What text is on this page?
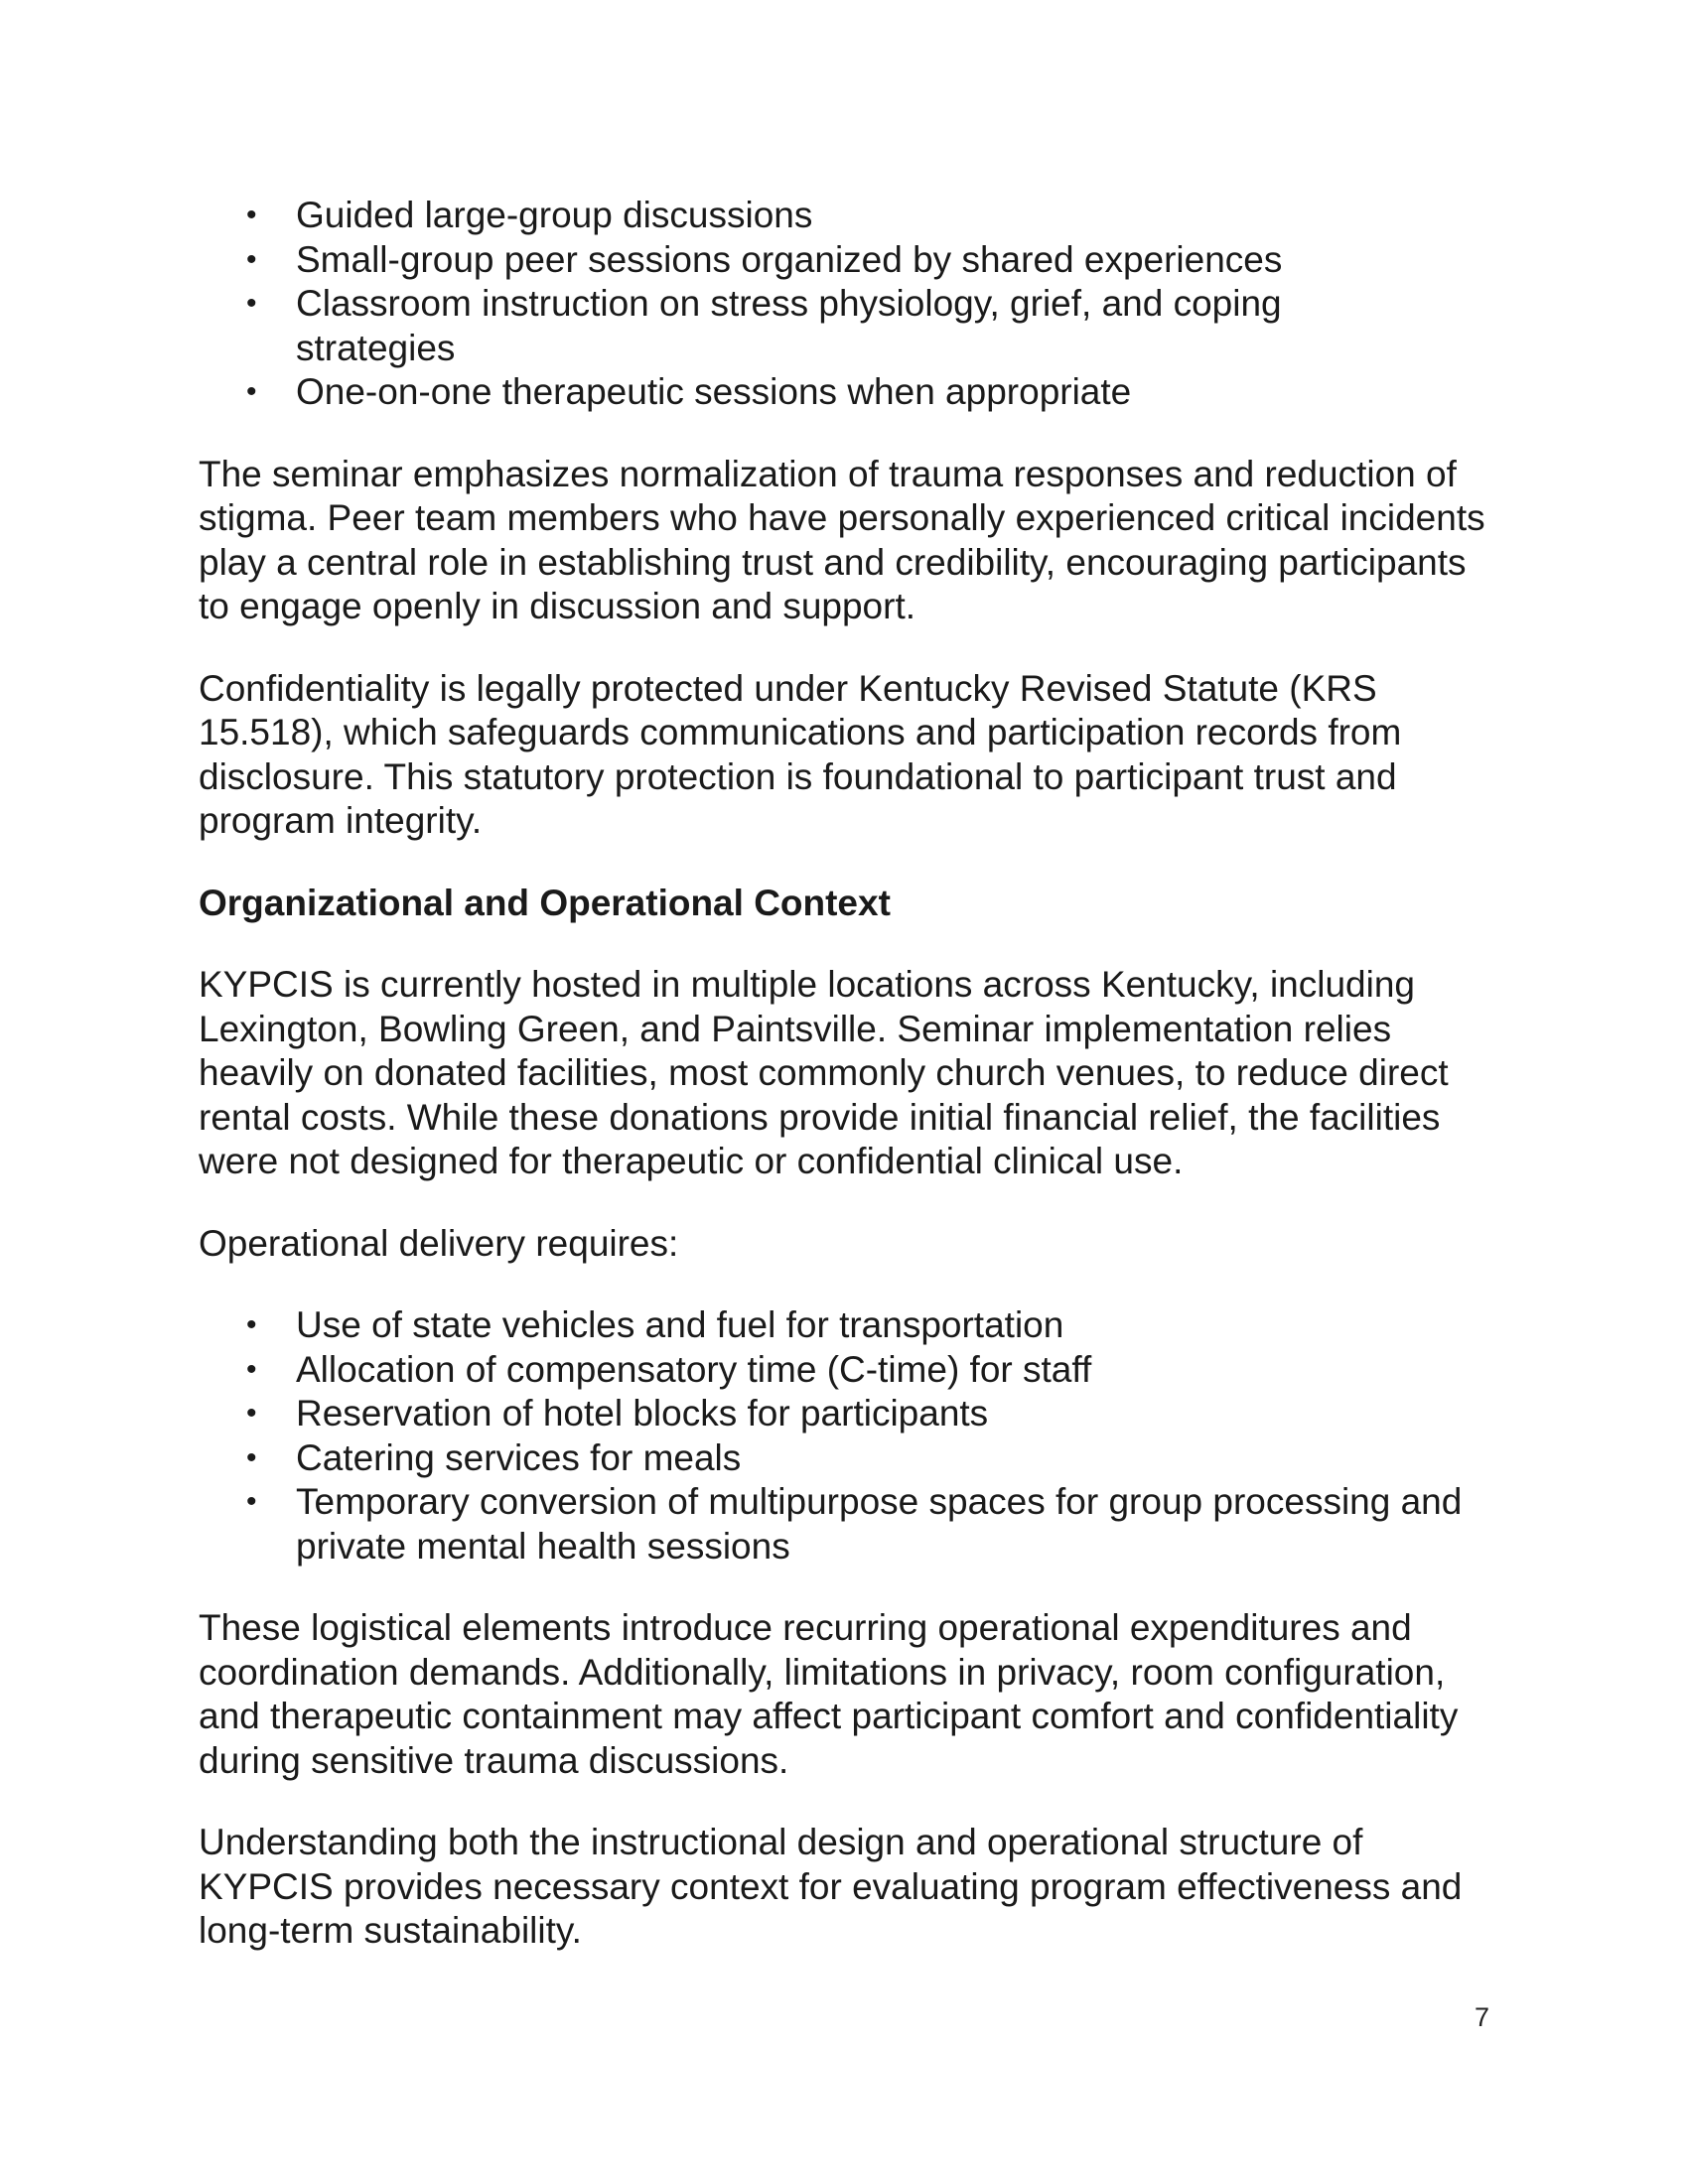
• Guided large-group discussions
• Small-group peer sessions organized by shared experiences
• Classroom instruction on stress physiology, grief, and coping strategies
• One-on-one therapeutic sessions when appropriate

The seminar emphasizes normalization of trauma responses and reduction of stigma. Peer team members who have personally experienced critical incidents play a central role in establishing trust and credibility, encouraging participants to engage openly in discussion and support.

Confidentiality is legally protected under Kentucky Revised Statute (KRS 15.518), which safeguards communications and participation records from disclosure. This statutory protection is foundational to participant trust and program integrity.

Organizational and Operational Context

KYPCIS is currently hosted in multiple locations across Kentucky, including Lexington, Bowling Green, and Paintsville. Seminar implementation relies heavily on donated facilities, most commonly church venues, to reduce direct rental costs. While these donations provide initial financial relief, the facilities were not designed for therapeutic or confidential clinical use.

Operational delivery requires:

• Use of state vehicles and fuel for transportation
• Allocation of compensatory time (C-time) for staff
• Reservation of hotel blocks for participants
• Catering services for meals
• Temporary conversion of multipurpose spaces for group processing and private mental health sessions

These logistical elements introduce recurring operational expenditures and coordination demands. Additionally, limitations in privacy, room configuration, and therapeutic containment may affect participant comfort and confidentiality during sensitive trauma discussions.

Understanding both the instructional design and operational structure of KYPCIS provides necessary context for evaluating program effectiveness and long-term sustainability.

7
